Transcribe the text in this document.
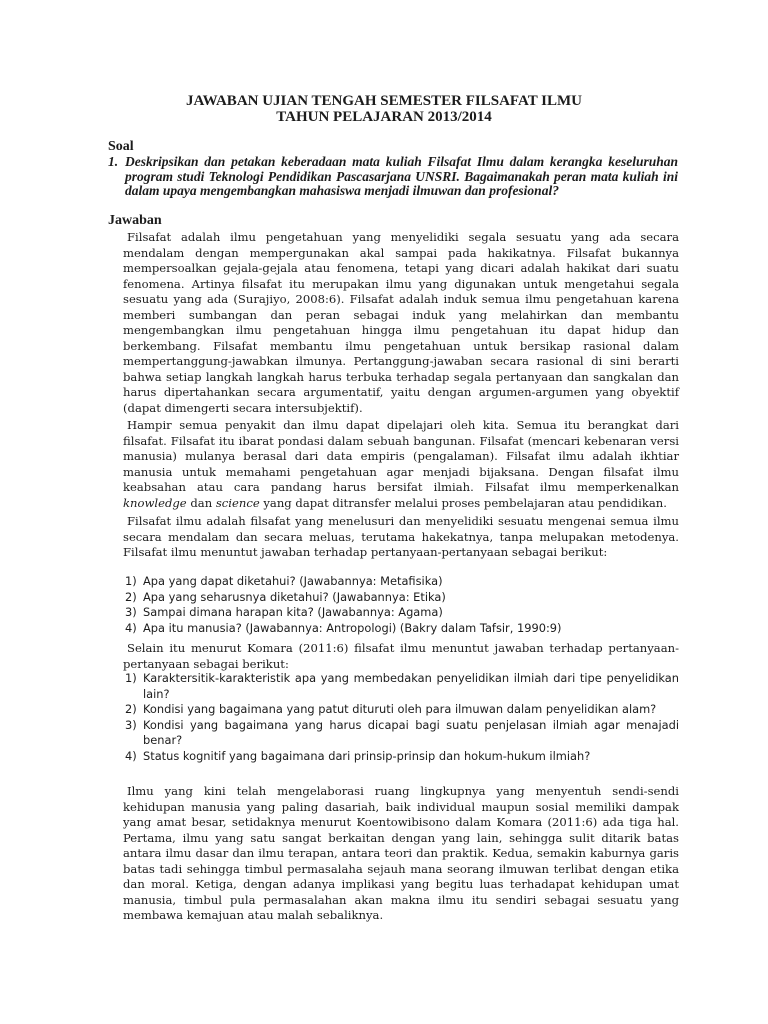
JAWABAN UJIAN TENGAH SEMESTER FILSAFAT ILMU

TAHUN PELAJARAN 2013/2014

Soal

1. Deskripsikan dan petakan keberadaan mata kuliah Filsafat Ilmu dalam kerangka keseluruhan program studi Teknologi Pendidikan Pascasarjana UNSRI. Bagaimanakah peran mata kuliah ini dalam upaya mengembangkan mahasiswa menjadi ilmuwan dan profesional?

Jawaban

Filsafat adalah ilmu pengetahuan yang menyelidiki segala sesuatu yang ada secara mendalam dengan mempergunakan akal sampai pada hakikatnya. Filsafat bukannya mempersoalkan gejala-gejala atau fenomena, tetapi yang dicari adalah hakikat dari suatu fenomena. Artinya filsafat itu merupakan ilmu yang digunakan untuk mengetahui segala sesuatu yang ada (Surajiyo, 2008:6). Filsafat adalah induk semua ilmu pengetahuan karena memberi sumbangan dan peran sebagai induk yang melahirkan dan membantu mengembangkan ilmu pengetahuan hingga ilmu pengetahuan itu dapat hidup dan berkembang. Filsafat membantu ilmu pengetahuan untuk bersikap rasional dalam mempertanggung-jawabkan ilmunya. Pertanggung-jawaban secara rasional di sini berarti bahwa setiap langkah langkah harus terbuka terhadap segala pertanyaan dan sangkalan dan harus dipertahankan secara argumentatif, yaitu dengan argumen-argumen yang obyektif (dapat dimengerti secara intersubjektif).

Hampir semua penyakit dan ilmu dapat dipelajari oleh kita. Semua itu berangkat dari filsafat. Filsafat itu ibarat pondasi dalam sebuah bangunan. Filsafat (mencari kebenaran versi manusia) mulanya berasal dari data empiris (pengalaman). Filsafat ilmu adalah ikhtiar manusia untuk memahami pengetahuan agar menjadi bijaksana. Dengan filsafat ilmu keabsahan atau cara pandang harus bersifat ilmiah. Filsafat ilmu memperkenalkan knowledge dan science yang dapat ditransfer melalui proses pembelajaran atau pendidikan.

Filsafat ilmu adalah filsafat yang menelusuri dan menyelidiki sesuatu mengenai semua ilmu secara mendalam dan secara meluas, terutama hakekatnya, tanpa melupakan metodenya. Filsafat ilmu menuntut jawaban terhadap pertanyaan-pertanyaan sebagai berikut:

1) Apa yang dapat diketahui? (Jawabannya: Metafisika)
2) Apa yang seharusnya diketahui? (Jawabannya: Etika)
3) Sampai dimana harapan kita? (Jawabannya: Agama)
4) Apa itu manusia? (Jawabannya: Antropologi) (Bakry dalam Tafsir, 1990:9)

Selain itu menurut Komara (2011:6) filsafat ilmu menuntut jawaban terhadap pertanyaan-pertanyaan sebagai berikut:

1) Karaktersitik-karakteristik apa yang membedakan penyelidikan ilmiah dari tipe penyelidikan lain?
2) Kondisi yang bagaimana yang patut dituruti oleh para ilmuwan dalam penyelidikan alam?
3) Kondisi yang bagaimana yang harus dicapai bagi suatu penjelasan ilmiah agar menajadi benar?
4) Status kognitif yang bagaimana dari prinsip-prinsip dan hokum-hukum ilmiah?

Ilmu yang kini telah mengelaborasi ruang lingkupnya yang menyentuh sendi-sendi kehidupan manusia yang paling dasariah, baik individual maupun sosial memiliki dampak yang amat besar, setidaknya menurut Koentowibisono dalam Komara (2011:6) ada tiga hal. Pertama, ilmu yang satu sangat berkaitan dengan yang lain, sehingga sulit ditarik batas antara ilmu dasar dan ilmu terapan, antara teori dan praktik. Kedua, semakin kaburnya garis batas tadi sehingga timbul permasalaha sejauh mana seorang ilmuwan terlibat dengan etika dan moral. Ketiga, dengan adanya implikasi yang begitu luas terhadapat kehidupan umat manusia, timbul pula permasalahan akan makna ilmu itu sendiri sebagai sesuatu yang membawa kemajuan atau malah sebaliknya.
